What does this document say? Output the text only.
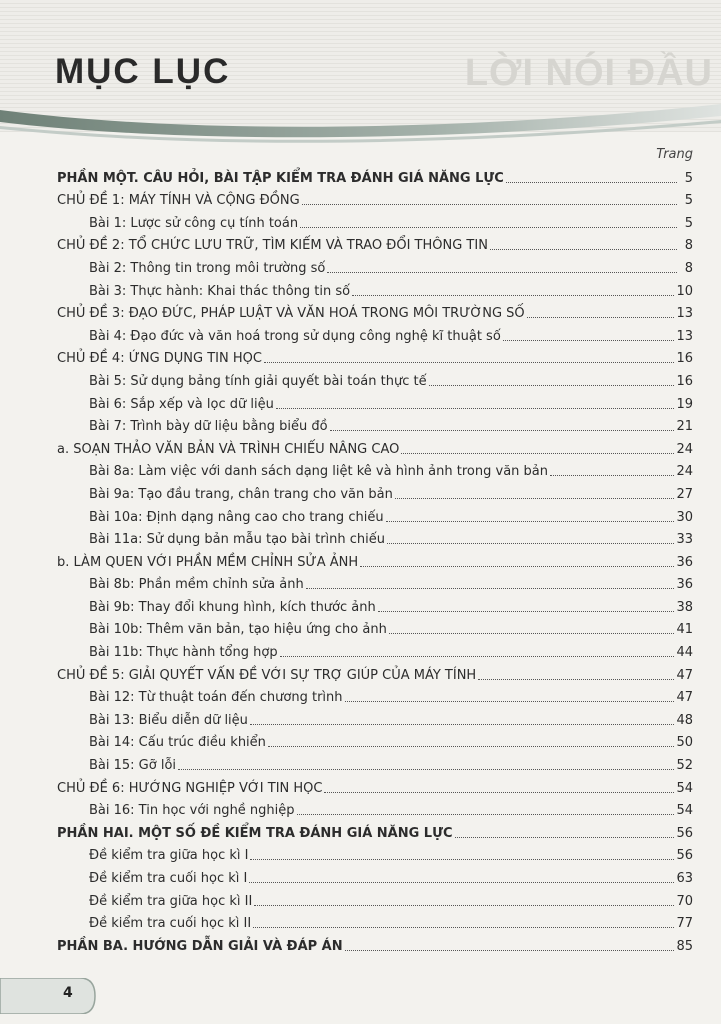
LỜI NÓI ĐẦU
MỤC LỤC
Trang
PHẦN MỘT. CÂU HỎI, BÀI TẬP KIỂM TRA ĐÁNH GIÁ NĂNG LỰC	5
CHỦ ĐỀ 1: MÁY TÍNH VÀ CỘNG ĐỒNG	5
Bài 1: Lược sử công cụ tính toán	5
CHỦ ĐỀ 2: TỔ CHỨC LƯU TRỮ, TÌM KIẾM VÀ TRAO ĐỔI THÔNG TIN	8
Bài 2: Thông tin trong môi trường số	8
Bài 3: Thực hành: Khai thác thông tin số	10
CHỦ ĐỀ 3: ĐẠO ĐỨC, PHÁP LUẬT VÀ VĂN HOÁ TRONG MÔI TRƯỜNG SỐ	13
Bài 4: Đạo đức và văn hoá trong sử dụng công nghệ kĩ thuật số	13
CHỦ ĐỀ 4: ỨNG DỤNG TIN HỌC	16
Bài 5: Sử dụng bảng tính giải quyết bài toán thực tế	16
Bài 6: Sắp xếp và lọc dữ liệu	19
Bài 7: Trình bày dữ liệu bằng biểu đồ	21
a. SOẠN THẢO VĂN BẢN VÀ TRÌNH CHIẾU NÂNG CAO	24
Bài 8a: Làm việc với danh sách dạng liệt kê và hình ảnh trong văn bản	24
Bài 9a: Tạo đầu trang, chân trang cho văn bản	27
Bài 10a: Định dạng nâng cao cho trang chiếu	30
Bài 11a: Sử dụng bản mẫu tạo bài trình chiếu	33
b. LÀM QUEN VỚI PHẦN MỀM CHỈNH SỬA ẢNH	36
Bài 8b: Phần mềm chỉnh sửa ảnh	36
Bài 9b: Thay đổi khung hình, kích thước ảnh	38
Bài 10b: Thêm văn bản, tạo hiệu ứng cho ảnh	41
Bài 11b: Thực hành tổng hợp	44
CHỦ ĐỀ 5: GIẢI QUYẾT VẤN ĐỀ VỚI SỰ TRỢ GIÚP CỦA MÁY TÍNH	47
Bài 12: Từ thuật toán đến chương trình	47
Bài 13: Biểu diễn dữ liệu	48
Bài 14: Cấu trúc điều khiển	50
Bài 15: Gỡ lỗi	52
CHỦ ĐỀ 6: HƯỚNG NGHIỆP VỚI TIN HỌC	54
Bài 16: Tin học với nghề nghiệp	54
PHẦN HAI. MỘT SỐ ĐỀ KIỂM TRA ĐÁNH GIÁ NĂNG LỰC	56
Đề kiểm tra giữa học kì I	56
Đề kiểm tra cuối học kì I	63
Đề kiểm tra giữa học kì II	70
Đề kiểm tra cuối học kì II	77
PHẦN BA. HƯỚNG DẪN GIẢI VÀ ĐÁP ÁN	85
4
